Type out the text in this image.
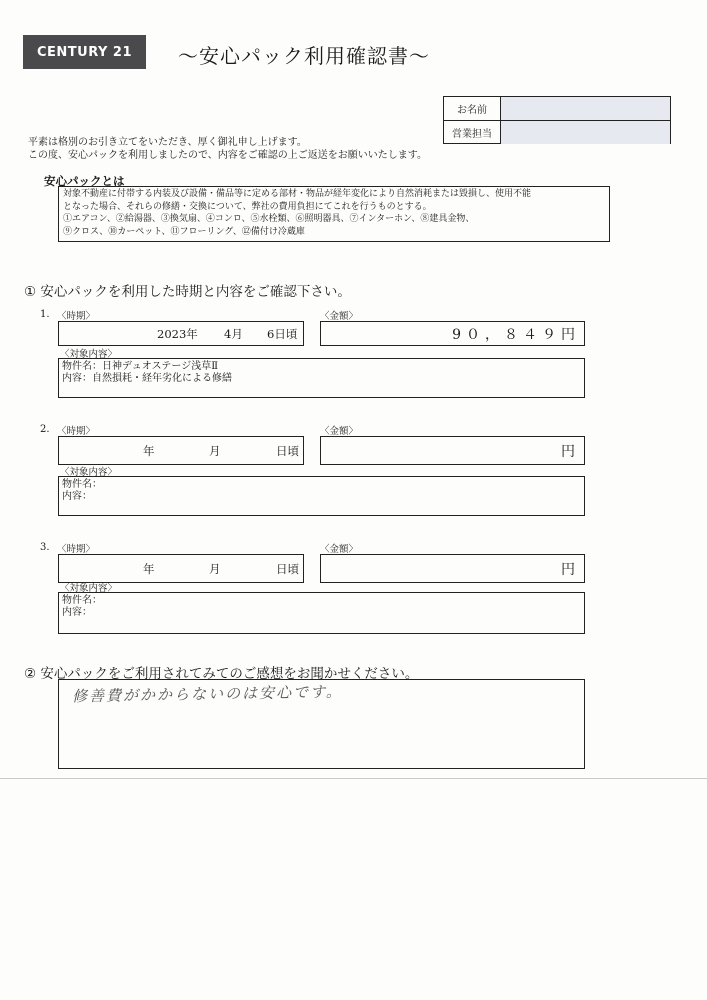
CENTURY 21	〜安心パック利用確認書〜
お名前
営業担当
平素は格別のお引き立てをいただき、厚く御礼申し上げます。
この度、安心パックを利用しましたので、内容をご確認の上ご返送をお願いいたします。
安心パックとは
対象不動産に付帯する内装及び設備・備品等に定める部材・物品が経年変化により自然消耗または毀損し、使用不能
となった場合、それらの修繕・交換について、弊社の費用負担にてこれを行うものとする。
①エアコン、②給湯器、③換気扇、④コンロ、⑤水栓類、⑥照明器具、⑦インターホン、⑧建具金物、
⑨クロス、⑩カーペット、⑪フローリング、⑫備付け冷蔵庫
① 安心パックを利用した時期と内容をご確認下さい。
1. 〈時期〉	〈金額〉
2023年 4月 6日頃	9０，８４９円
〈対象内容〉
物件名：日神デュオステージ浅草Ⅱ
内容：自然損耗・経年劣化による修繕
2. 〈時期〉	〈金額〉
年	月	日頃	円
〈対象内容〉
物件名：
内容：
3. 〈時期〉	〈金額〉
年	月	日頃	円
〈対象内容〉
物件名：
内容：
② 安心パックをご利用されてみてのご感想をお聞かせください。
修善費がかからないのは安心です。
